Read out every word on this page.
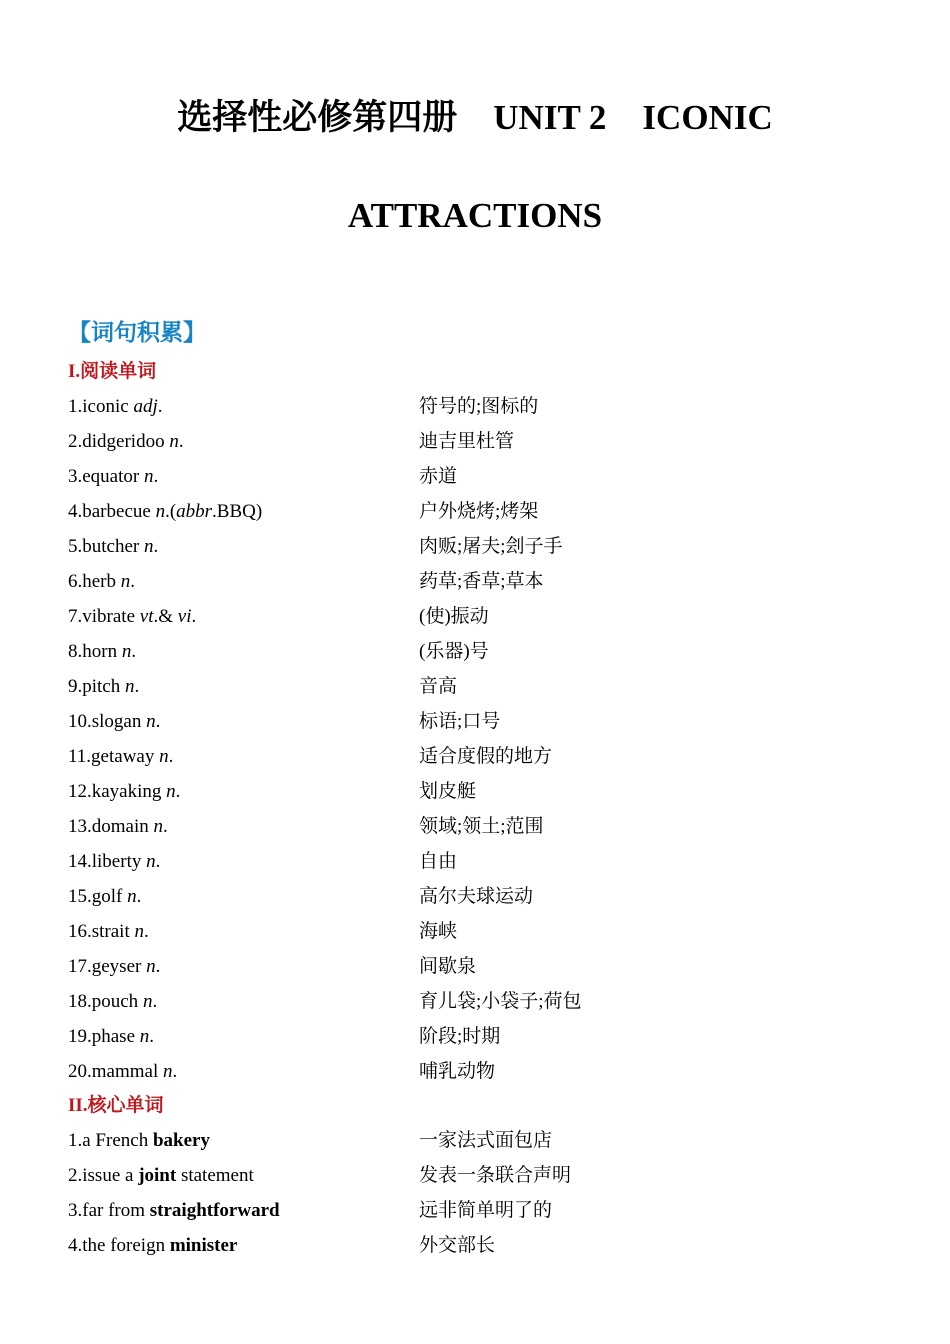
选择性必修第四册 UNIT 2 ICONIC
ATTRACTIONS
【词句积累】
I.阅读单词
1.iconic adj.	符号的;图标的
2.didgeridoo n.	迪吉里杜管
3.equator n.	赤道
4.barbecue n.(abbr.BBQ)	户外烧烤;烤架
5.butcher n.	肉贩;屠夫;刽子手
6.herb n.	药草;香草;草本
7.vibrate vt.& vi.	(使)振动
8.horn n.	(乐器)号
9.pitch n.	音高
10.slogan n.	标语;口号
11.getaway n.	适合度假的地方
12.kayaking n.	划皮艇
13.domain n.	领域;领土;范围
14.liberty n.	自由
15.golf n.	高尔夫球运动
16.strait n.	海峡
17.geyser n.	间歇泉
18.pouch n.	育儿袋;小袋子;荷包
19.phase n.	阶段;时期
20.mammal n.	哺乳动物
II.核心单词
1.a French bakery	一家法式面包店
2.issue a joint statement	发表一条联合声明
3.far from straightforward	远非简单明了的
4.the foreign minister	外交部长
